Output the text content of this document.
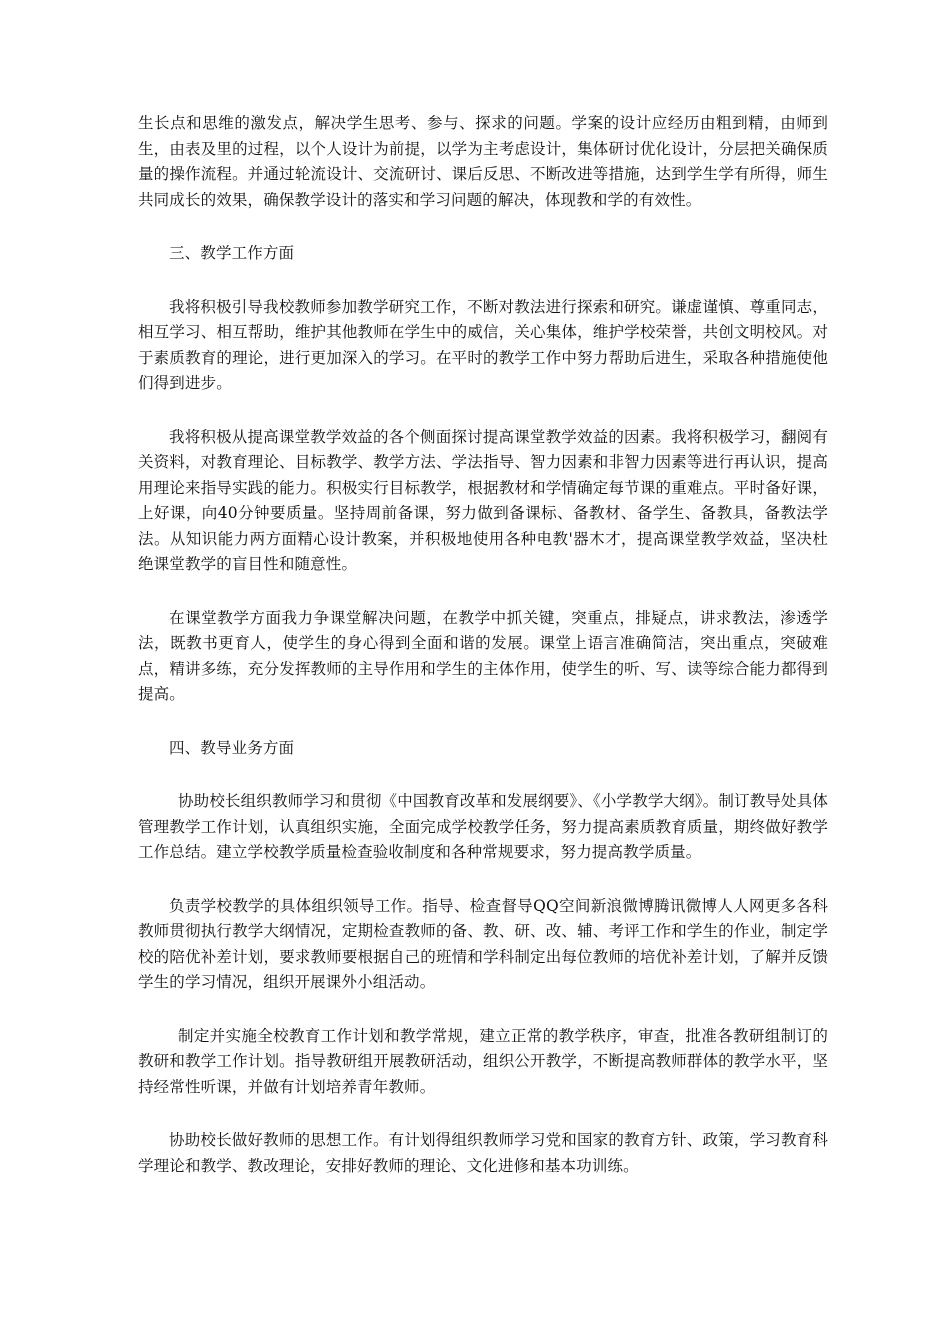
生长点和思维的激发点，解决学生思考、参与、探求的问题。学案的设计应经历由粗到精，由师到生，由表及里的过程，以个人设计为前提，以学为主考虑设计，集体研讨优化设计，分层把关确保质量的操作流程。并通过轮流设计、交流研讨、课后反思、不断改进等措施，达到学生学有所得，师生共同成长的效果，确保教学设计的落实和学习问题的解决，体现教和学的有效性。

三、教学工作方面

我将积极引导我校教师参加教学研究工作，不断对教法进行探索和研究。谦虚谨慎、尊重同志，相互学习、相互帮助，维护其他教师在学生中的威信，关心集体，维护学校荣誉，共创文明校风。对于素质教育的理论，进行更加深入的学习。在平时的教学工作中努力帮助后进生，采取各种措施使他们得到进步。

我将积极从提高课堂教学效益的各个侧面探讨提高课堂教学效益的因素。我将积极学习，翻阅有关资料，对教育理论、目标教学、教学方法、学法指导、智力因素和非智力因素等进行再认识，提高用理论来指导实践的能力。积极实行目标教学，根据教材和学情确定每节课的重难点。平时备好课，上好课，向40分钟要质量。坚持周前备课，努力做到备课标、备教材、备学生、备教具，备教法学法。从知识能力两方面精心设计教案，并积极地使用各种电教'器木才，提高课堂教学效益，坚决杜绝课堂教学的盲目性和随意性。

在课堂教学方面我力争课堂解决问题，在教学中抓关键，突重点，排疑点，讲求教法，渗透学法，既教书更育人，使学生的身心得到全面和谐的发展。课堂上语言准确简洁，突出重点，突破难点，精讲多练，充分发挥教师的主导作用和学生的主体作用，使学生的听、写、读等综合能力都得到提高。

四、教导业务方面

协助校长组织教师学习和贯彻《中国教育改革和发展纲要》、《小学教学大纲》。制订教导处具体管理教学工作计划，认真组织实施，全面完成学校教学任务，努力提高素质教育质量，期终做好教学工作总结。建立学校教学质量检查验收制度和各种常规要求，努力提高教学质量。

负责学校教学的具体组织领导工作。指导、检查督导QQ空间新浪微博腾讯微博人人网更多各科教师贯彻执行教学大纲情况，定期检查教师的备、教、研、改、辅、考评工作和学生的作业，制定学校的陪优补差计划，要求教师要根据自己的班情和学科制定出每位教师的培优补差计划，了解并反馈学生的学习情况，组织开展课外小组活动。

制定并实施全校教育工作计划和教学常规，建立正常的教学秩序，审查，批准各教研组制订的教研和教学工作计划。指导教研组开展教研活动，组织公开教学，不断提高教师群体的教学水平，坚持经常性听课，并做有计划培养青年教师。

协助校长做好教师的思想工作。有计划得组织教师学习党和国家的教育方针、政策，学习教育科学理论和教学、教改理论，安排好教师的理论、文化进修和基本功训练。
